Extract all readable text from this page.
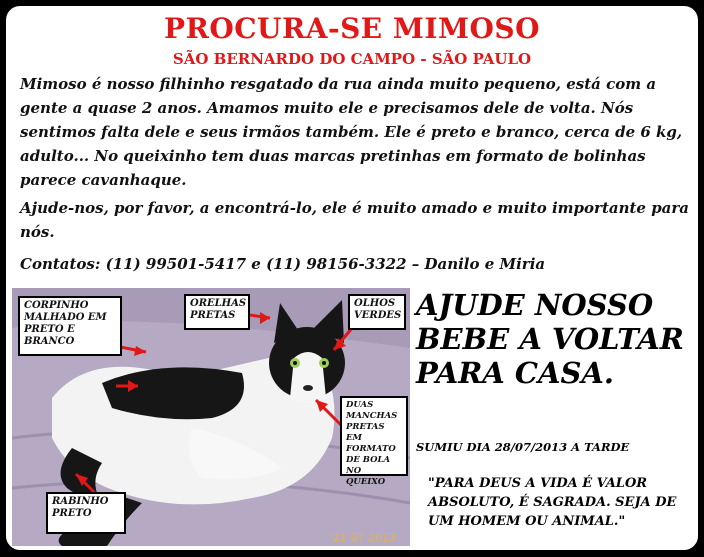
PROCURA-SE MIMOSO
SÃO BERNARDO DO CAMPO - SÃO PAULO

Mimoso é nosso filhinho resgatado da rua ainda muito pequeno, está com a gente a quase 2 anos. Amamos muito ele e precisamos dele de volta. Nós sentimos falta dele e seus irmãos também. Ele é preto e branco, cerca de 6 kg, adulto... No queixinho tem duas marcas pretinhas em formato de bolinhas parece cavanhaque.

Ajude-nos, por favor, a encontrá-lo, ele é muito amado e muito importante para nós.

Contatos: (11) 99501-5417 e (11) 98156-3322 – Danilo e Miria

CORPINHO MALHADO EM PRETO E BRANCO
ORELHAS PRETAS
OLHOS VERDES
DUAS MANCHAS PRETAS EM FORMATO DE BOLA NO QUEIXO
RABINHO PRETO
21 07 2013

AJUDE NOSSO BEBE A VOLTAR PARA CASA.

SUMIU DIA 28/07/2013 A TARDE

"PARA DEUS A VIDA É VALOR ABSOLUTO, É SAGRADA. SEJA DE UM HOMEM OU ANIMAL."
